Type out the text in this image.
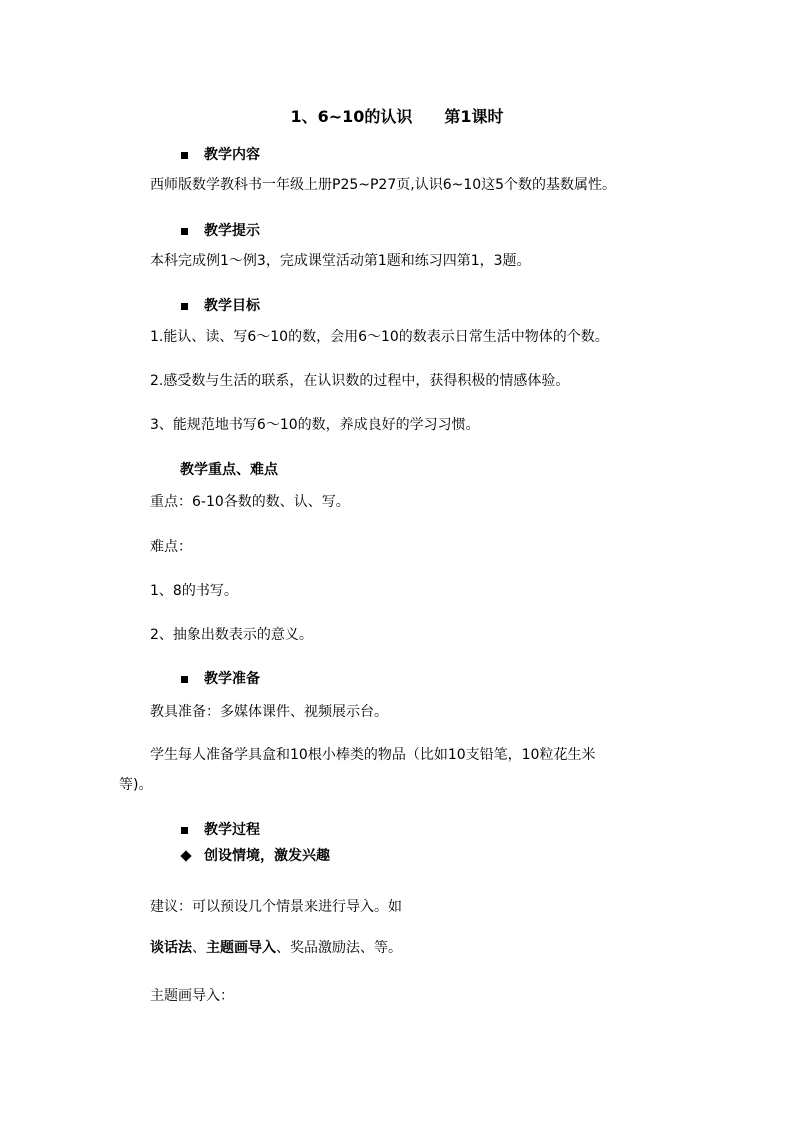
1、6~10的认识　　第1课时
教学内容
西师版数学教科书一年级上册P25~P27页,认识6~10这5个数的基数属性。
教学提示
本科完成例1～例3，完成课堂活动第1题和练习四第1，3题。
教学目标
1.能认、读、写6～10的数，会用6～10的数表示日常生活中物体的个数。
2.感受数与生活的联系，在认识数的过程中，获得积极的情感体验。
3、能规范地书写6～10的数，养成良好的学习习惯。
教学重点、难点
重点：6-10各数的数、认、写。
难点：
1、8的书写。
2、抽象出数表示的意义。
教学准备
教具准备：多媒体课件、视频展示台。
学生每人准备学具盒和10根小棒类的物品（比如10支铅笔，10粒花生米
等)。
教学过程
创设情境，激发兴趣
建议：可以预设几个情景来进行导入。如
谈话法、主题画导入、奖品激励法、等。
主题画导入：
